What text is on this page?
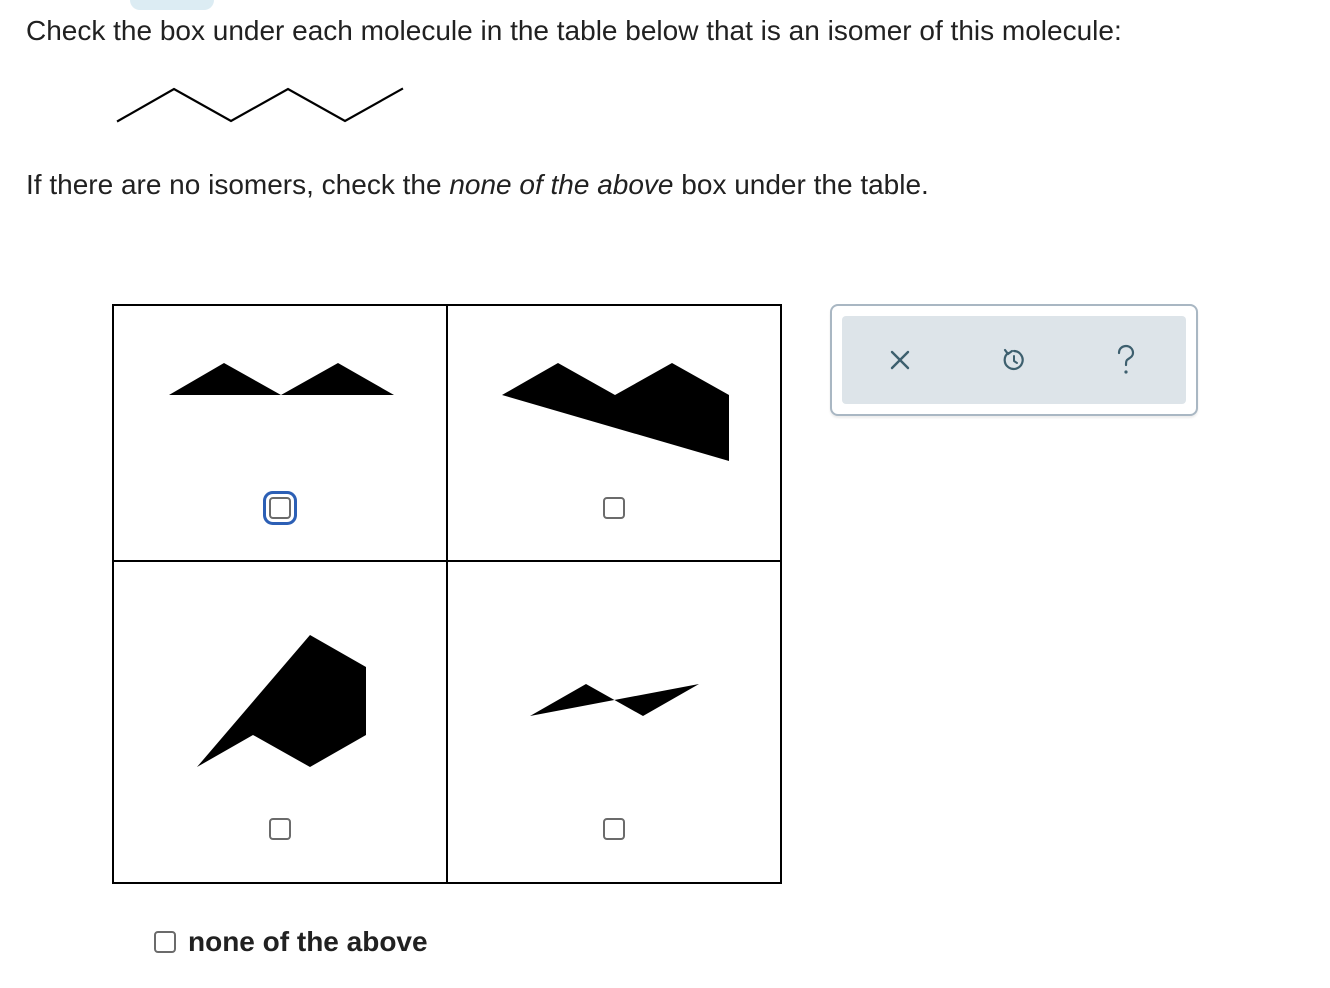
Check the box under each molecule in the table below that is an isomer of this molecule:
If there are no isomers, check the none of the above box under the table.

none of the above
